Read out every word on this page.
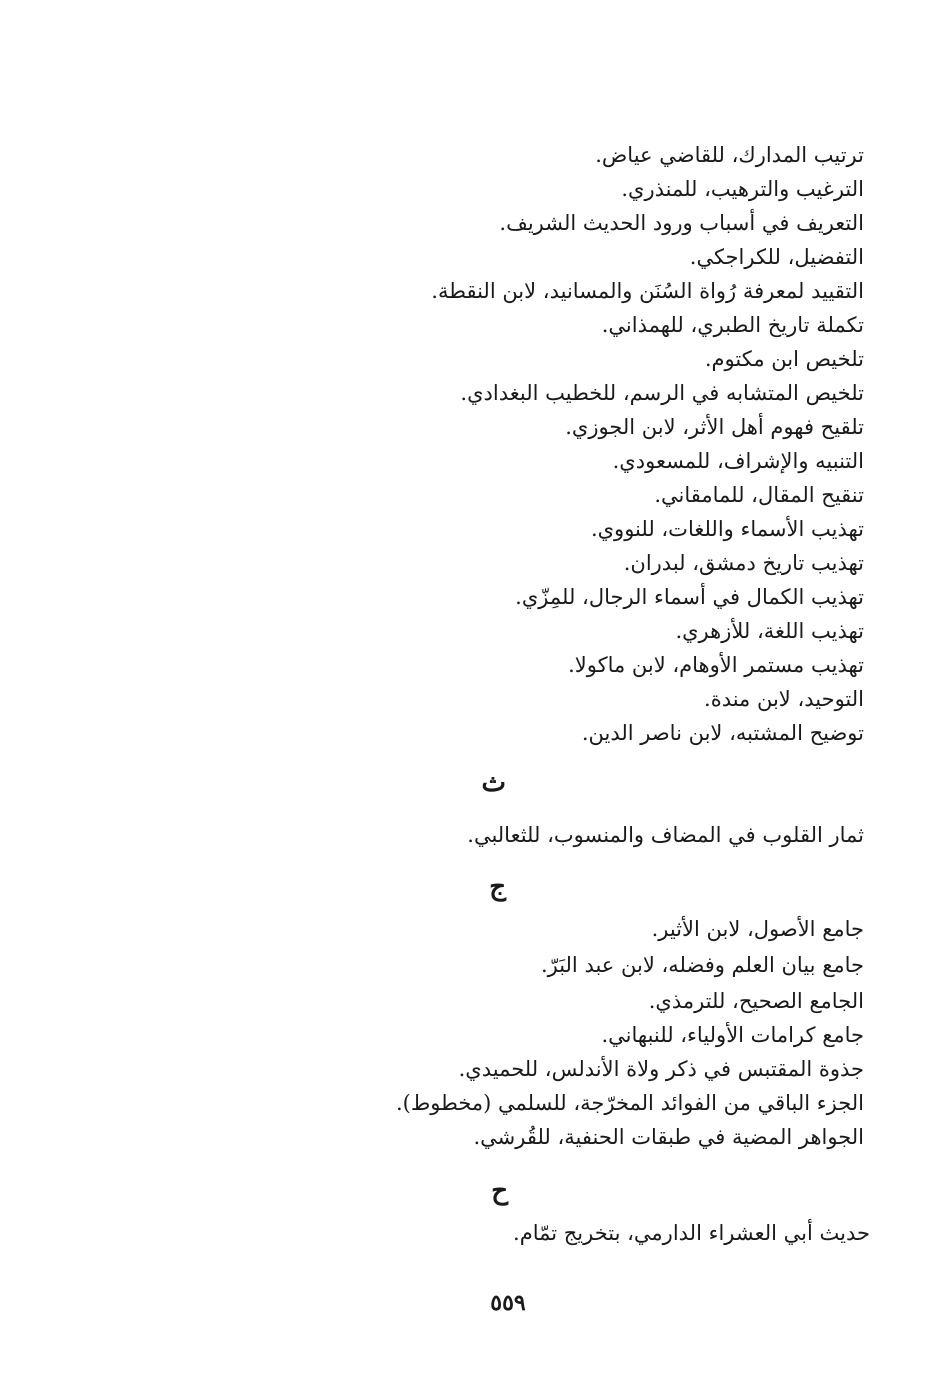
ترتيب المدارك، للقاضي عياض.
الترغيب والترهيب، للمنذري.
التعريف في أسباب ورود الحديث الشريف.
التفضيل، للكراجكي.
التقييد لمعرفة رُواة السُنَن والمسانيد، لابن النقطة.
تكملة تاريخ الطبري، للهمذاني.
تلخيص ابن مكتوم.
تلخيص المتشابه في الرسم، للخطيب البغدادي.
تلقيح فهوم أهل الأثر، لابن الجوزي.
التنبيه والإشراف، للمسعودي.
تنقيح المقال، للمامقاني.
تهذيب الأسماء واللغات، للنووي.
تهذيب تاريخ دمشق، لبدران.
تهذيب الكمال في أسماء الرجال، للمِزّي.
تهذيب اللغة، للأزهري.
تهذيب مستمر الأوهام، لابن ماكولا.
التوحيد، لابن مندة.
توضيح المشتبه، لابن ناصر الدين.
ث
ثمار القلوب في المضاف والمنسوب، للثعالبي.
ج
جامع الأصول، لابن الأثير.
جامع بيان العلم وفضله، لابن عبد البَرّ.
الجامع الصحيح، للترمذي.
جامع كرامات الأولياء، للنبهاني.
جذوة المقتبس في ذكر ولاة الأندلس، للحميدي.
الجزء الباقي من الفوائد المخرّجة، للسلمي (مخطوط).
الجواهر المضية في طبقات الحنفية، للقُرشي.
ح
حديث أبي العشراء الدارمي، بتخريج تمّام.
٥٥٩
